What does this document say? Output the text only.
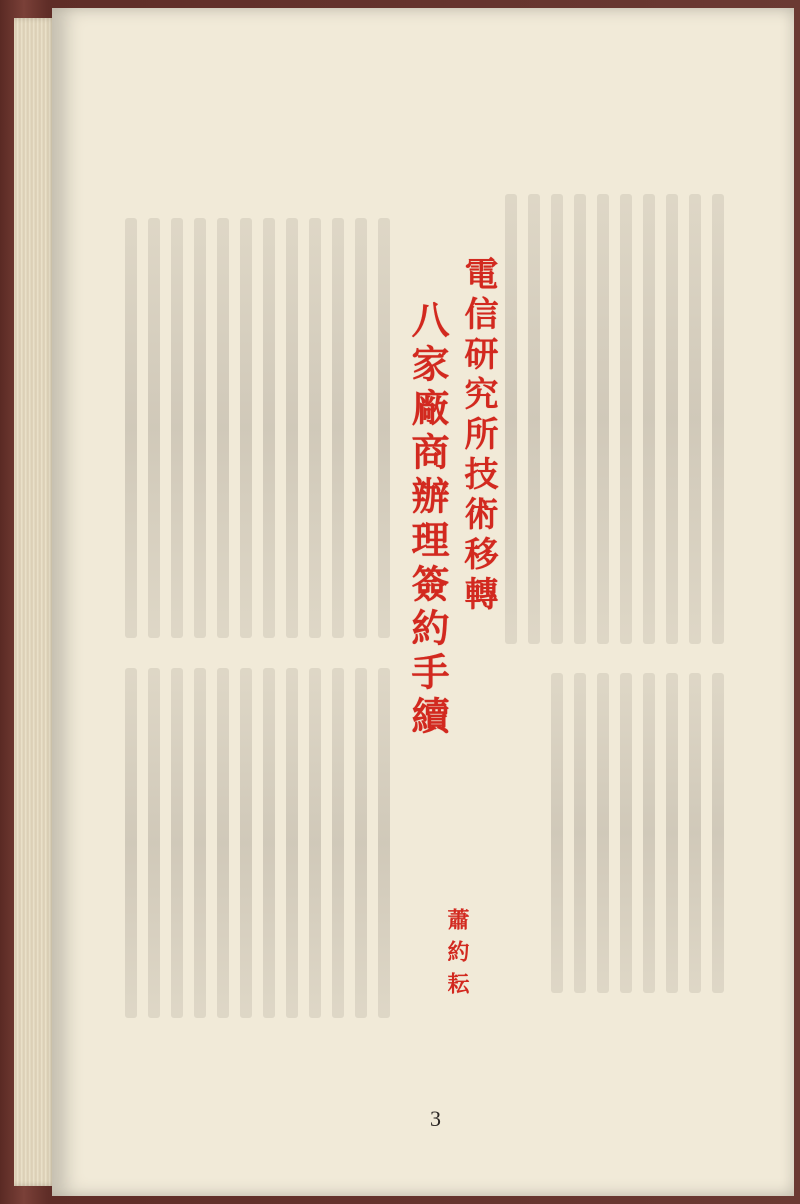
電信研究所技術移轉
八家廠商辦理簽約手續
蕭約耘
3
